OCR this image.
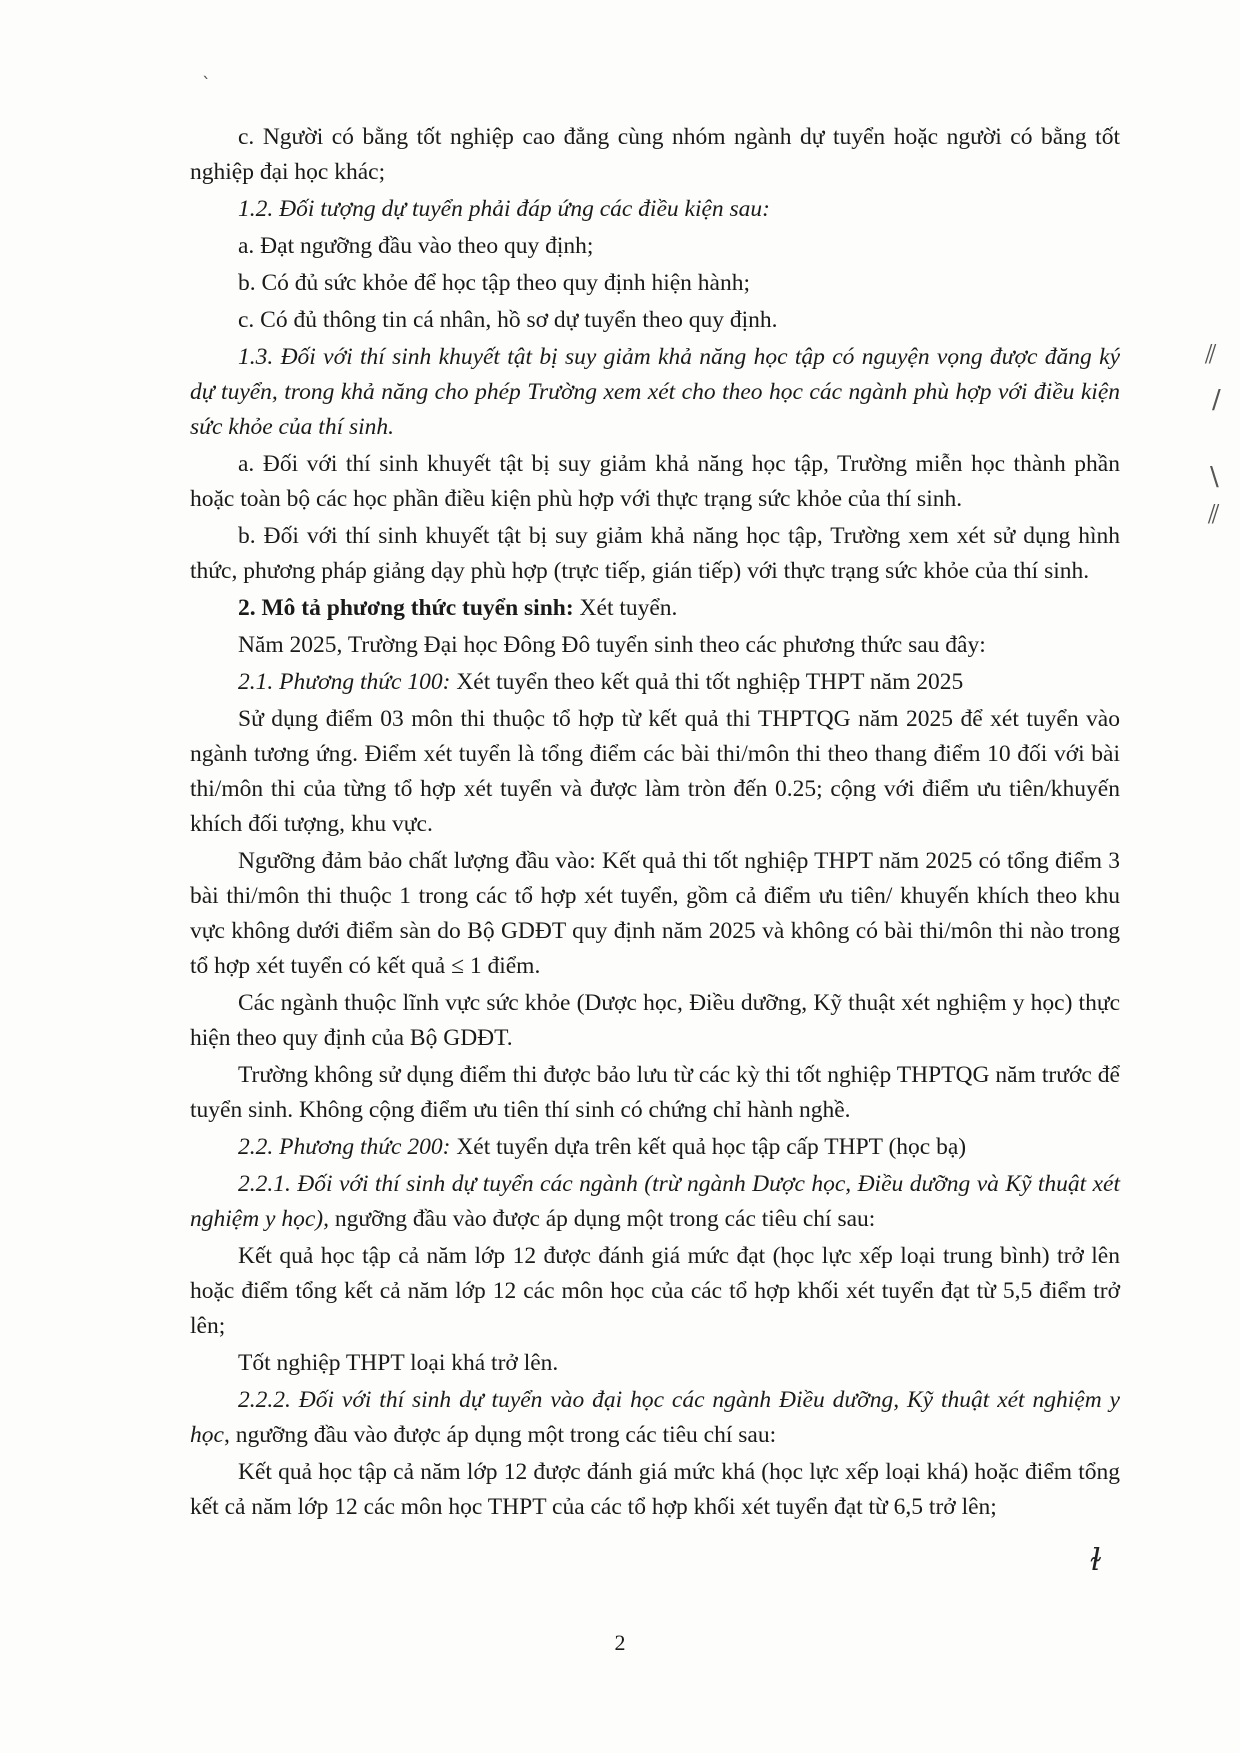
`
⫽
/
\
⫽

c. Người có bằng tốt nghiệp cao đẳng cùng nhóm ngành dự tuyển hoặc người có bằng tốt nghiệp đại học khác;

1.2. Đối tượng dự tuyển phải đáp ứng các điều kiện sau:

a. Đạt ngưỡng đầu vào theo quy định;

b. Có đủ sức khỏe để học tập theo quy định hiện hành;

c. Có đủ thông tin cá nhân, hồ sơ dự tuyển theo quy định.

1.3. Đối với thí sinh khuyết tật bị suy giảm khả năng học tập có nguyện vọng được đăng ký dự tuyển, trong khả năng cho phép Trường xem xét cho theo học các ngành phù hợp với điều kiện sức khỏe của thí sinh.

a. Đối với thí sinh khuyết tật bị suy giảm khả năng học tập, Trường miễn học thành phần hoặc toàn bộ các học phần điều kiện phù hợp với thực trạng sức khỏe của thí sinh.

b. Đối với thí sinh khuyết tật bị suy giảm khả năng học tập, Trường xem xét sử dụng hình thức, phương pháp giảng dạy phù hợp (trực tiếp, gián tiếp) với thực trạng sức khỏe của thí sinh.

2. Mô tả phương thức tuyển sinh: Xét tuyển.

Năm 2025, Trường Đại học Đông Đô tuyển sinh theo các phương thức sau đây:

2.1. Phương thức 100: Xét tuyển theo kết quả thi tốt nghiệp THPT năm 2025

Sử dụng điểm 03 môn thi thuộc tổ hợp từ kết quả thi THPTQG năm 2025 để xét tuyển vào ngành tương ứng. Điểm xét tuyển là tổng điểm các bài thi/môn thi theo thang điểm 10 đối với bài thi/môn thi của từng tổ hợp xét tuyển và được làm tròn đến 0.25; cộng với điểm ưu tiên/khuyến khích đối tượng, khu vực.

Ngưỡng đảm bảo chất lượng đầu vào: Kết quả thi tốt nghiệp THPT năm 2025 có tổng điểm 3 bài thi/môn thi thuộc 1 trong các tổ hợp xét tuyển, gồm cả điểm ưu tiên/ khuyến khích theo khu vực không dưới điểm sàn do Bộ GDĐT quy định năm 2025 và không có bài thi/môn thi nào trong tổ hợp xét tuyển có kết quả ≤ 1 điểm.

Các ngành thuộc lĩnh vực sức khỏe (Dược học, Điều dưỡng, Kỹ thuật xét nghiệm y học) thực hiện theo quy định của Bộ GDĐT.

Trường không sử dụng điểm thi được bảo lưu từ các kỳ thi tốt nghiệp THPTQG năm trước để tuyển sinh. Không cộng điểm ưu tiên thí sinh có chứng chỉ hành nghề.

2.2. Phương thức 200: Xét tuyển dựa trên kết quả học tập cấp THPT (học bạ)

2.2.1. Đối với thí sinh dự tuyển các ngành (trừ ngành Dược học, Điều dưỡng và Kỹ thuật xét nghiệm y học), ngưỡng đầu vào được áp dụng một trong các tiêu chí sau:

Kết quả học tập cả năm lớp 12 được đánh giá mức đạt (học lực xếp loại trung bình) trở lên hoặc điểm tổng kết cả năm lớp 12 các môn học của các tổ hợp khối xét tuyển đạt từ 5,5 điểm trở lên;

Tốt nghiệp THPT loại khá trở lên.

2.2.2. Đối với thí sinh dự tuyển vào đại học các ngành Điều dưỡng, Kỹ thuật xét nghiệm y học, ngưỡng đầu vào được áp dụng một trong các tiêu chí sau:

Kết quả học tập cả năm lớp 12 được đánh giá mức khá (học lực xếp loại khá) hoặc điểm tổng kết cả năm lớp 12 các môn học THPT của các tổ hợp khối xét tuyển đạt từ 6,5 trở lên;

ɫ
2
